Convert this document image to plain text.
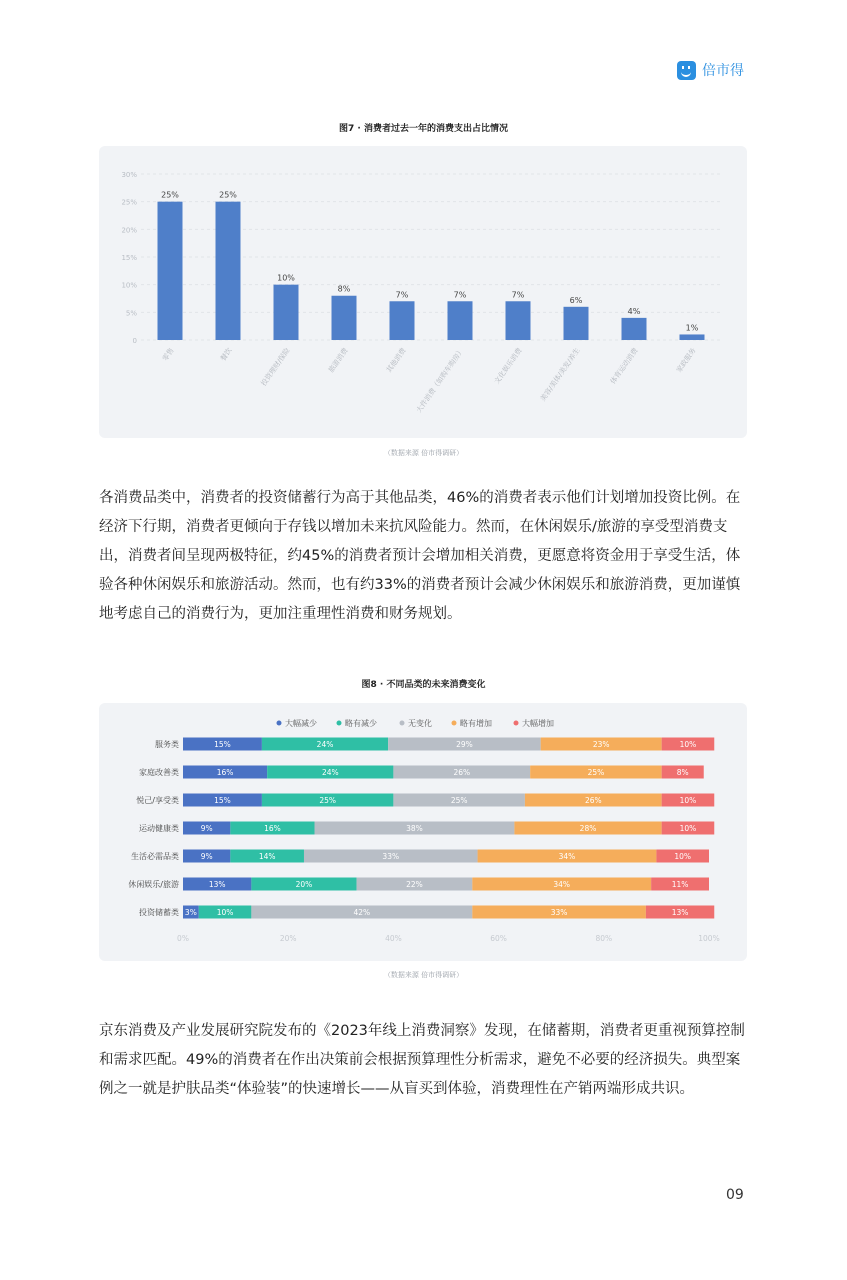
倍市得
图7 · 消费者过去一年的消费支出占比情况
0
5%
10%
15%
20%
25%
30%
25%
零售
25%
餐饮
10%
投资理财/保险
8%
旅游消费
7%
其他消费
7%
大件消费（如购车购房）
7%
文化娱乐消费
6%
美容/美体/美发/养生
4%
体育运动消费
1%
家政服务
（数据来源 倍市得调研）

各消费品类中，消费者的投资储蓄行为高于其他品类，46%的消费者表示他们计划增加投资比例。在经济下行期，消费者更倾向于存钱以增加未来抗风险能力。然而，在休闲娱乐/旅游的享受型消费支出，消费者间呈现两极特征，约45%的消费者预计会增加相关消费，更愿意将资金用于享受生活，体验各种休闲娱乐和旅游活动。然而，也有约33%的消费者预计会减少休闲娱乐和旅游消费，更加谨慎地考虑自己的消费行为，更加注重理性消费和财务规划。

图8 · 不同品类的未来消费变化
大幅减少	略有减少	无变化	略有增加	大幅增加
服务类	15%	24%	29%	23%	10%
家庭改善类	16%	24%	26%	25%	8%
悦己/享受类	15%	25%	25%	26%	10%
运动健康类	9%	16%	38%	28%	10%
生活必需品类	9%	14%	33%	34%	10%
休闲娱乐/旅游	13%	20%	22%	34%	11%
投资储蓄类 3%	10%	42%	33%	13%
0%	20%	40%	60%	80%	100%
（数据来源 倍市得调研）

京东消费及产业发展研究院发布的《2023年线上消费洞察》发现，在储蓄期，消费者更重视预算控制和需求匹配。49%的消费者在作出决策前会根据预算理性分析需求，避免不必要的经济损失。典型案例之一就是护肤品类“体验装”的快速增长——从盲买到体验，消费理性在产销两端形成共识。

09
